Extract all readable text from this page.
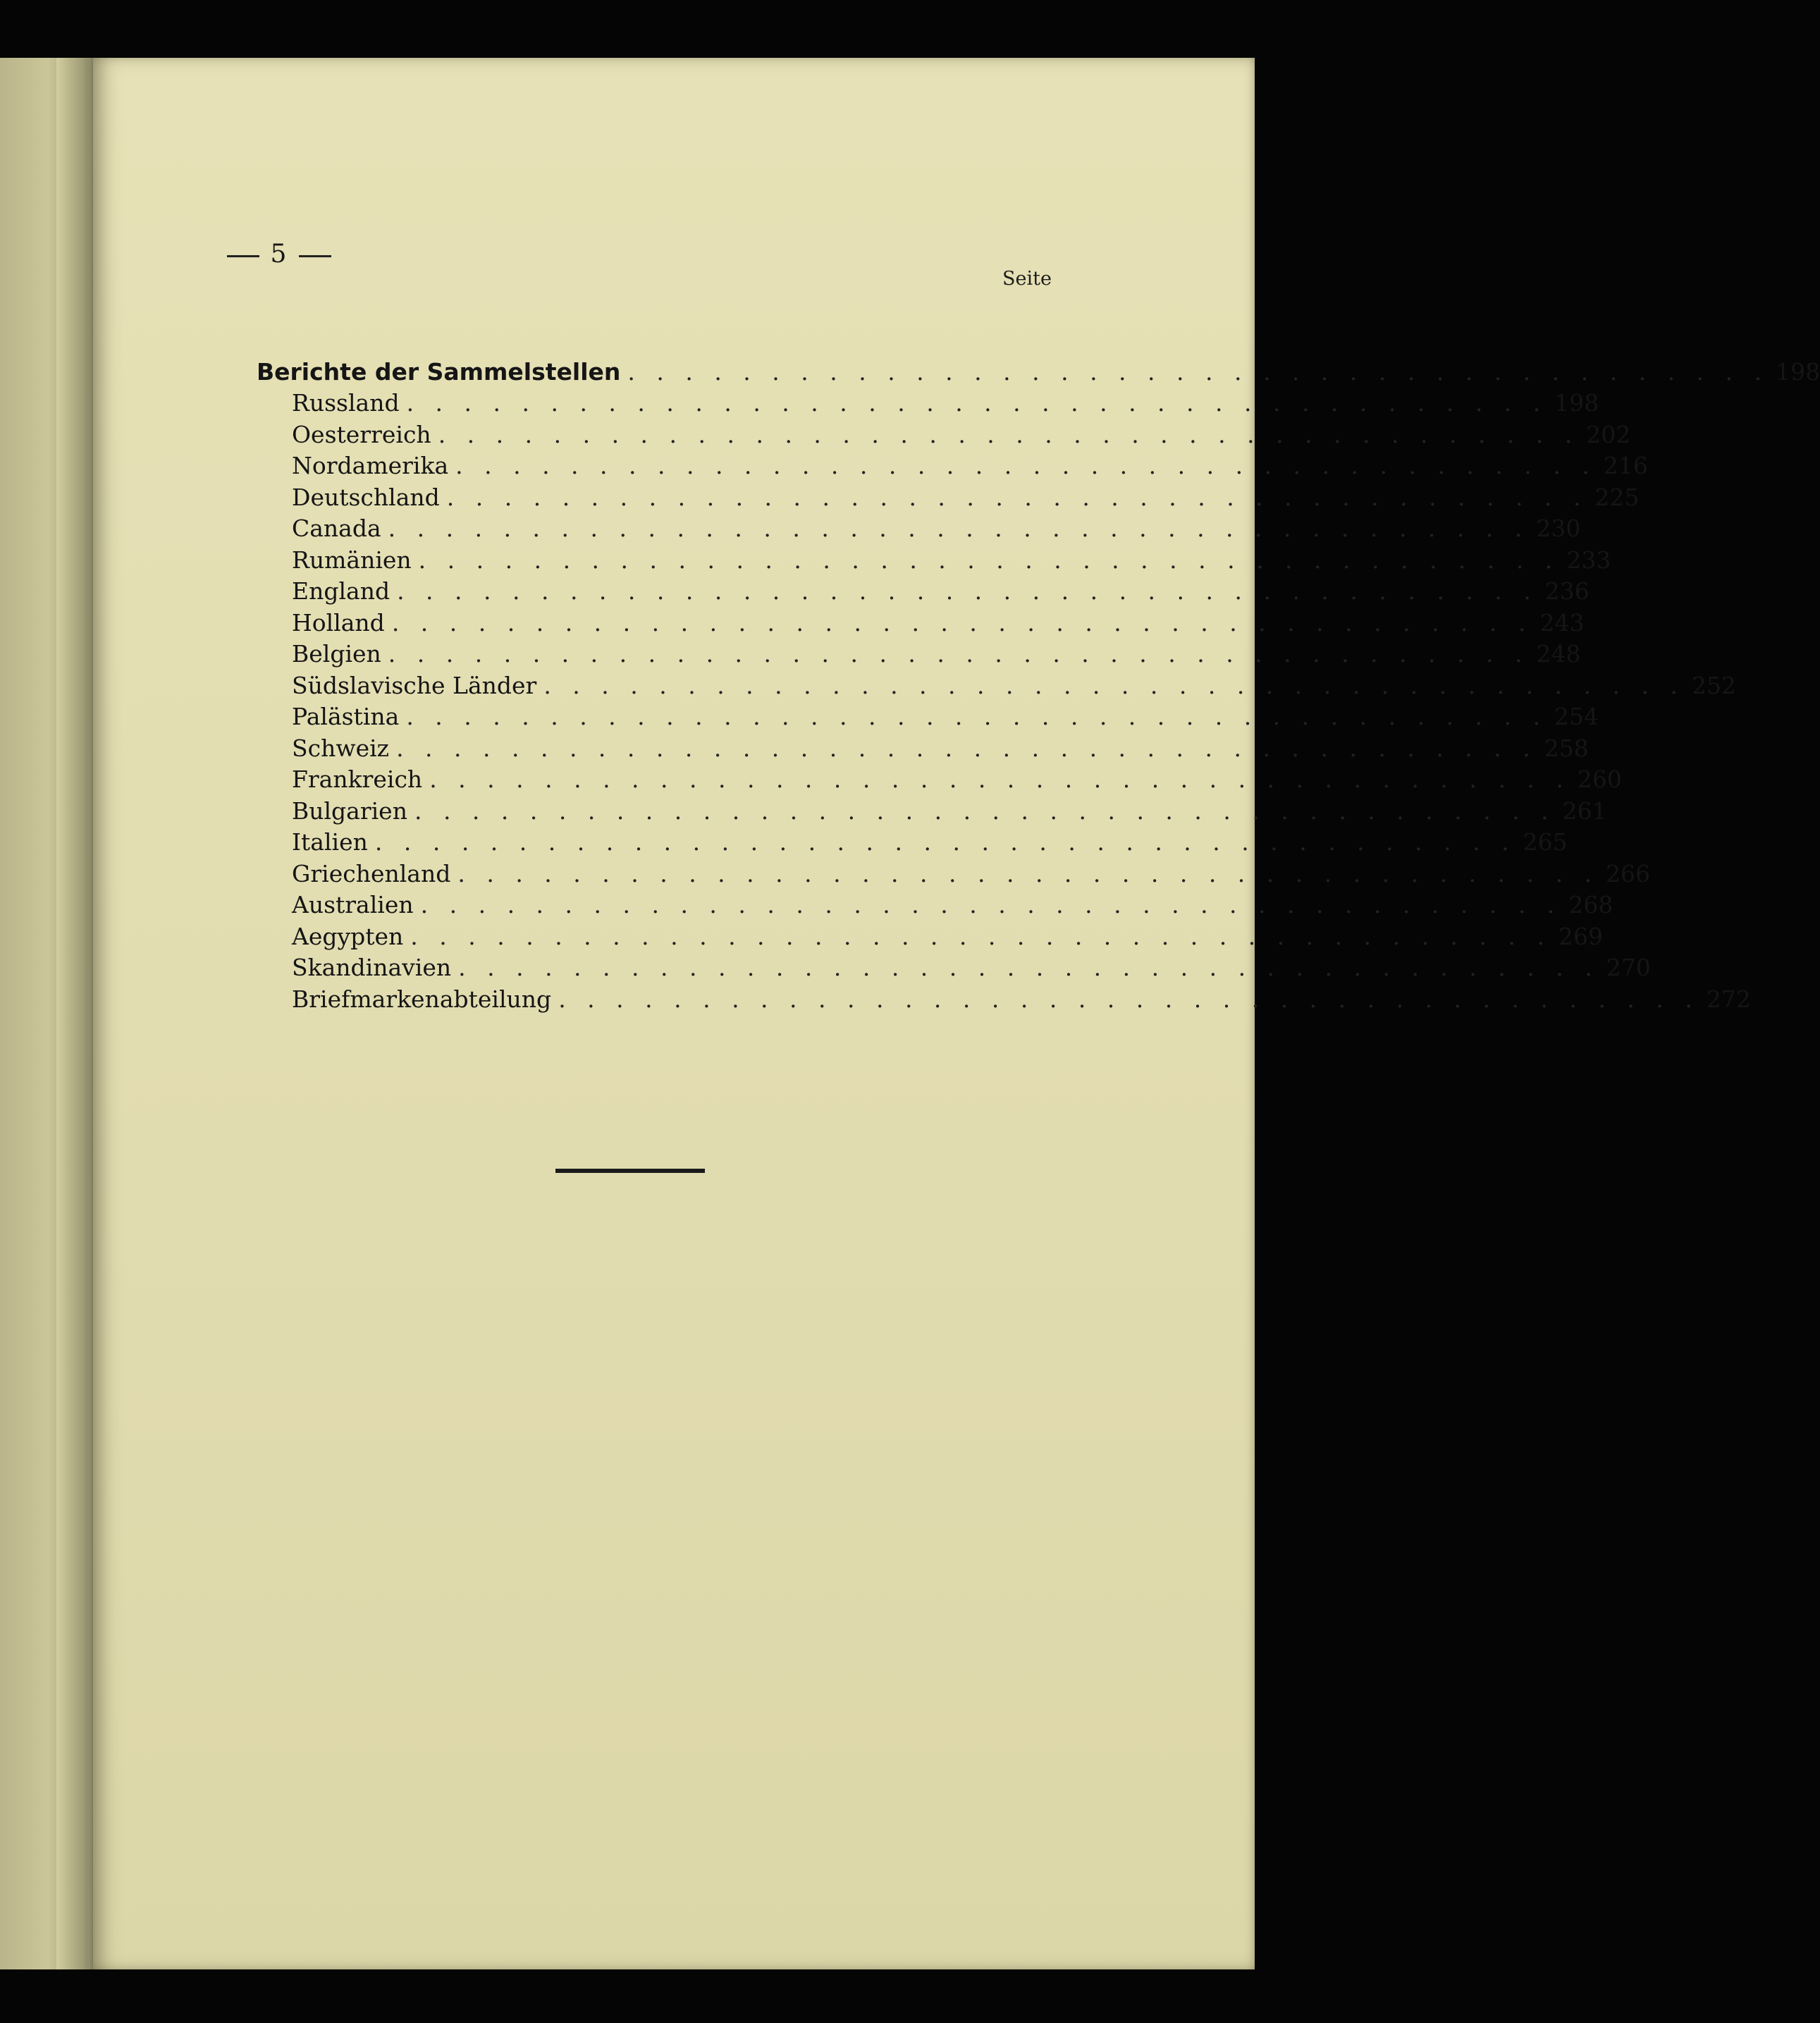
5
Seite
Berichte der Sammelstellen . . . . . . . . . . . . . . . . . . . . . . . . . . . . . . . . . . . . . . . . 198
Russland . . . . . . . . . . . . . . . . . . . . . . . . . . . . . . . . . . . . . . . . 198
Oesterreich . . . . . . . . . . . . . . . . . . . . . . . . . . . . . . . . . . . . . . . . 202
Nordamerika . . . . . . . . . . . . . . . . . . . . . . . . . . . . . . . . . . . . . . . . 216
Deutschland . . . . . . . . . . . . . . . . . . . . . . . . . . . . . . . . . . . . . . . . 225
Canada . . . . . . . . . . . . . . . . . . . . . . . . . . . . . . . . . . . . . . . . 230
Rumänien . . . . . . . . . . . . . . . . . . . . . . . . . . . . . . . . . . . . . . . . 233
England . . . . . . . . . . . . . . . . . . . . . . . . . . . . . . . . . . . . . . . . 236
Holland . . . . . . . . . . . . . . . . . . . . . . . . . . . . . . . . . . . . . . . . 243
Belgien . . . . . . . . . . . . . . . . . . . . . . . . . . . . . . . . . . . . . . . . 248
Südslavische Länder . . . . . . . . . . . . . . . . . . . . . . . . . . . . . . . . . . . . . . . . 252
Palästina . . . . . . . . . . . . . . . . . . . . . . . . . . . . . . . . . . . . . . . . 254
Schweiz . . . . . . . . . . . . . . . . . . . . . . . . . . . . . . . . . . . . . . . . 258
Frankreich . . . . . . . . . . . . . . . . . . . . . . . . . . . . . . . . . . . . . . . . 260
Bulgarien . . . . . . . . . . . . . . . . . . . . . . . . . . . . . . . . . . . . . . . . 261
Italien . . . . . . . . . . . . . . . . . . . . . . . . . . . . . . . . . . . . . . . . 265
Griechenland . . . . . . . . . . . . . . . . . . . . . . . . . . . . . . . . . . . . . . . . 266
Australien . . . . . . . . . . . . . . . . . . . . . . . . . . . . . . . . . . . . . . . . 268
Aegypten . . . . . . . . . . . . . . . . . . . . . . . . . . . . . . . . . . . . . . . . 269
Skandinavien . . . . . . . . . . . . . . . . . . . . . . . . . . . . . . . . . . . . . . . . 270
Briefmarkenabteilung . . . . . . . . . . . . . . . . . . . . . . . . . . . . . . . . . . . . . . . . 272
